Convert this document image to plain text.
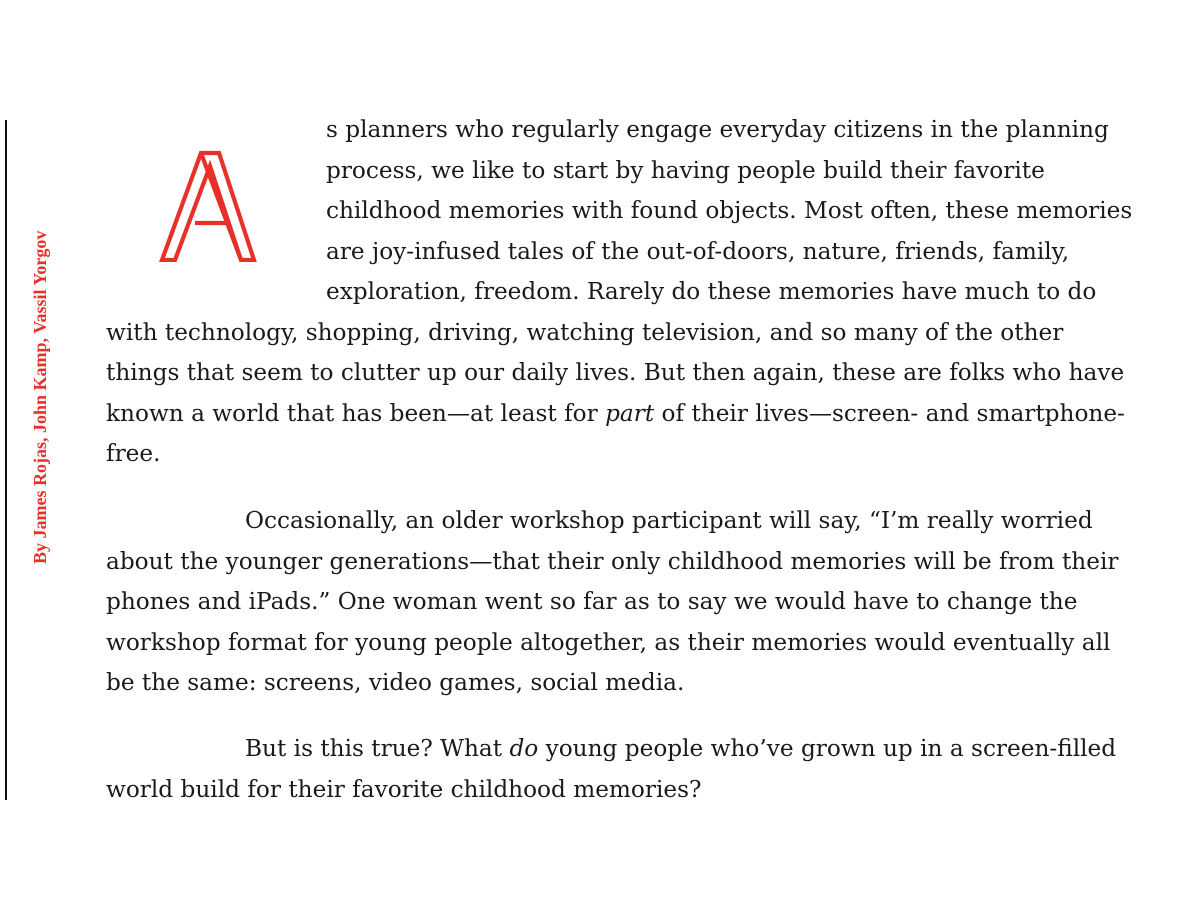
By James Rojas, John Kamp, Vassil Yorgov

s planners who regularly engage everyday citizens in the planning
process, we like to start by having people build their favorite
childhood memories with found objects. Most often, these memories
are joy-infused tales of the out-of-doors, nature, friends, family,
exploration, freedom. Rarely do these memories have much to do
with technology, shopping, driving, watching television, and so many of the other
things that seem to clutter up our daily lives. But then again, these are folks who have
known a world that has been—at least for part of their lives—screen- and smartphone-
free.

Occasionally, an older workshop participant will say, “I’m really worried
about the younger generations—that their only childhood memories will be from their
phones and iPads.” One woman went so far as to say we would have to change the
workshop format for young people altogether, as their memories would eventually all
be the same: screens, video games, social media.

But is this true? What do young people who’ve grown up in a screen-filled
world build for their favorite childhood memories?
